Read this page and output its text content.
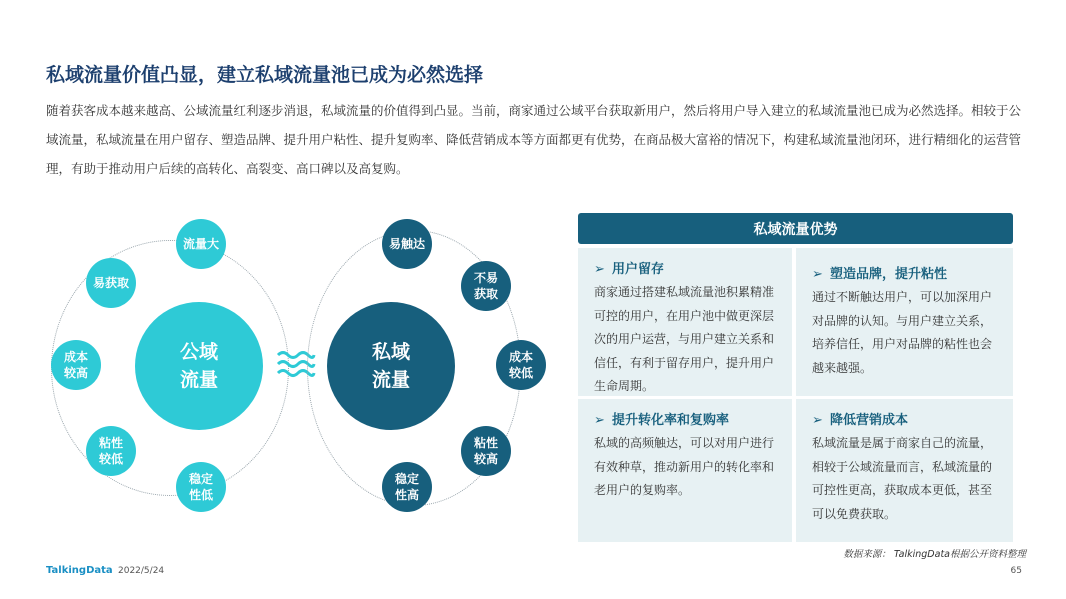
私域流量价值凸显，建立私域流量池已成为必然选择
随着获客成本越来越高、公域流量红利逐步消退，私域流量的价值得到凸显。当前，商家通过公域平台获取新用户，然后将用户导入建立的私域流量池已成为必然选择。相较于公域流量，私域流量在用户留存、塑造品牌、提升用户粘性、提升复购率、降低营销成本等方面都更有优势，在商品极大富裕的情况下，构建私域流量池闭环，进行精细化的运营管理，有助于推动用户后续的高转化、高裂变、高口碑以及高复购。
公域
流量
流量大
易获取
成本
较高
粘性
较低
稳定
性低
私域
流量
易触达
不易
获取
成本
较低
粘性
较高
稳定
性高
私域流量优势
➢ 用户留存
商家通过搭建私域流量池积累精准可控的用户，在用户池中做更深层次的用户运营，与用户建立关系和信任，有利于留存用户，提升用户生命周期。
➢ 塑造品牌，提升粘性
通过不断触达用户，可以加深用户对品牌的认知。与用户建立关系，培养信任，用户对品牌的粘性也会越来越强。
➢ 提升转化率和复购率
私域的高频触达，可以对用户进行有效种草，推动新用户的转化率和老用户的复购率。
➢ 降低营销成本
私域流量是属于商家自己的流量，相较于公域流量而言，私域流量的可控性更高，获取成本更低，甚至可以免费获取。
数据来源： TalkingData根据公开资料整理
TalkingData 2022/5/24	65
